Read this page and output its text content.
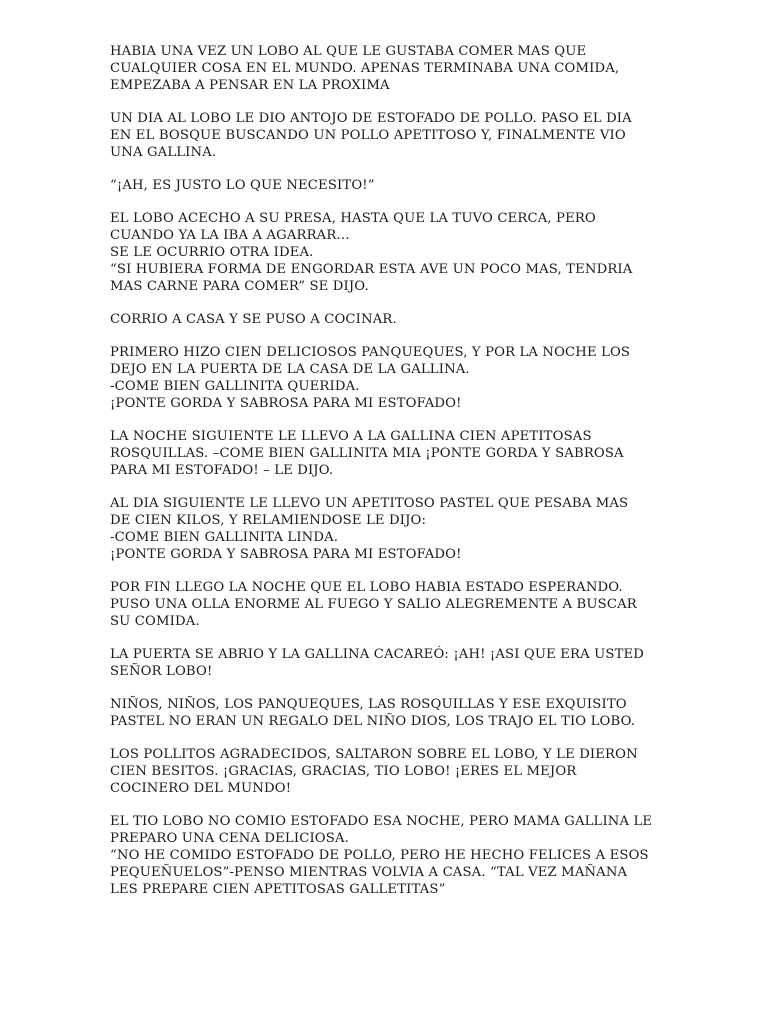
HABIA UNA VEZ UN LOBO AL QUE LE GUSTABA COMER MAS QUE
CUALQUIER COSA EN EL MUNDO. APENAS TERMINABA UNA COMIDA,
EMPEZABA A PENSAR EN LA PROXIMA
UN DIA AL LOBO LE DIO ANTOJO DE ESTOFADO DE POLLO. PASO EL DIA
EN EL BOSQUE BUSCANDO UN POLLO APETITOSO Y, FINALMENTE VIO
UNA GALLINA.
“¡AH, ES JUSTO LO QUE NECESITO!”
EL LOBO ACECHO A SU PRESA, HASTA QUE LA TUVO CERCA, PERO
CUANDO YA LA IBA A AGARRAR…
SE LE OCURRIO OTRA IDEA.
“SI HUBIERA FORMA DE ENGORDAR ESTA AVE UN POCO MAS, TENDRIA
MAS CARNE PARA COMER” SE DIJO.
CORRIO A CASA Y SE PUSO A COCINAR.
PRIMERO HIZO CIEN DELICIOSOS PANQUEQUES, Y POR LA NOCHE LOS
DEJO EN LA PUERTA DE LA CASA DE LA GALLINA.
-COME BIEN GALLINITA QUERIDA.
¡PONTE GORDA Y SABROSA PARA MI ESTOFADO!
LA NOCHE SIGUIENTE LE LLEVO A LA GALLINA CIEN APETITOSAS
ROSQUILLAS. –COME BIEN GALLINITA MIA ¡PONTE GORDA Y SABROSA
PARA MI ESTOFADO! – LE DIJO.
AL DIA SIGUIENTE LE LLEVO UN APETITOSO PASTEL QUE PESABA MAS
DE CIEN KILOS, Y RELAMIENDOSE LE DIJO:
-COME BIEN GALLINITA LINDA.
¡PONTE GORDA Y SABROSA PARA MI ESTOFADO!
POR FIN LLEGO LA NOCHE QUE EL LOBO HABIA ESTADO ESPERANDO.
PUSO UNA OLLA ENORME AL FUEGO Y SALIO ALEGREMENTE A BUSCAR
SU COMIDA.
LA PUERTA SE ABRIO Y LA GALLINA CACAREÓ: ¡AH! ¡ASI QUE ERA USTED
SEÑOR LOBO!
NIÑOS, NIÑOS, LOS PANQUEQUES, LAS ROSQUILLAS Y ESE EXQUISITO
PASTEL NO ERAN UN REGALO DEL NIÑO DIOS, LOS TRAJO EL TIO LOBO.
LOS POLLITOS AGRADECIDOS, SALTARON SOBRE EL LOBO, Y LE DIERON
CIEN BESITOS. ¡GRACIAS, GRACIAS, TIO LOBO! ¡ERES EL MEJOR
COCINERO DEL MUNDO!
EL TIO LOBO NO COMIO ESTOFADO ESA NOCHE, PERO MAMA GALLINA LE
PREPARO UNA CENA DELICIOSA.
“NO HE COMIDO ESTOFADO DE POLLO, PERO HE HECHO FELICES A ESOS
PEQUEÑUELOS”-PENSO MIENTRAS VOLVIA A CASA. “TAL VEZ MAÑANA
LES PREPARE CIEN APETITOSAS GALLETITAS”
